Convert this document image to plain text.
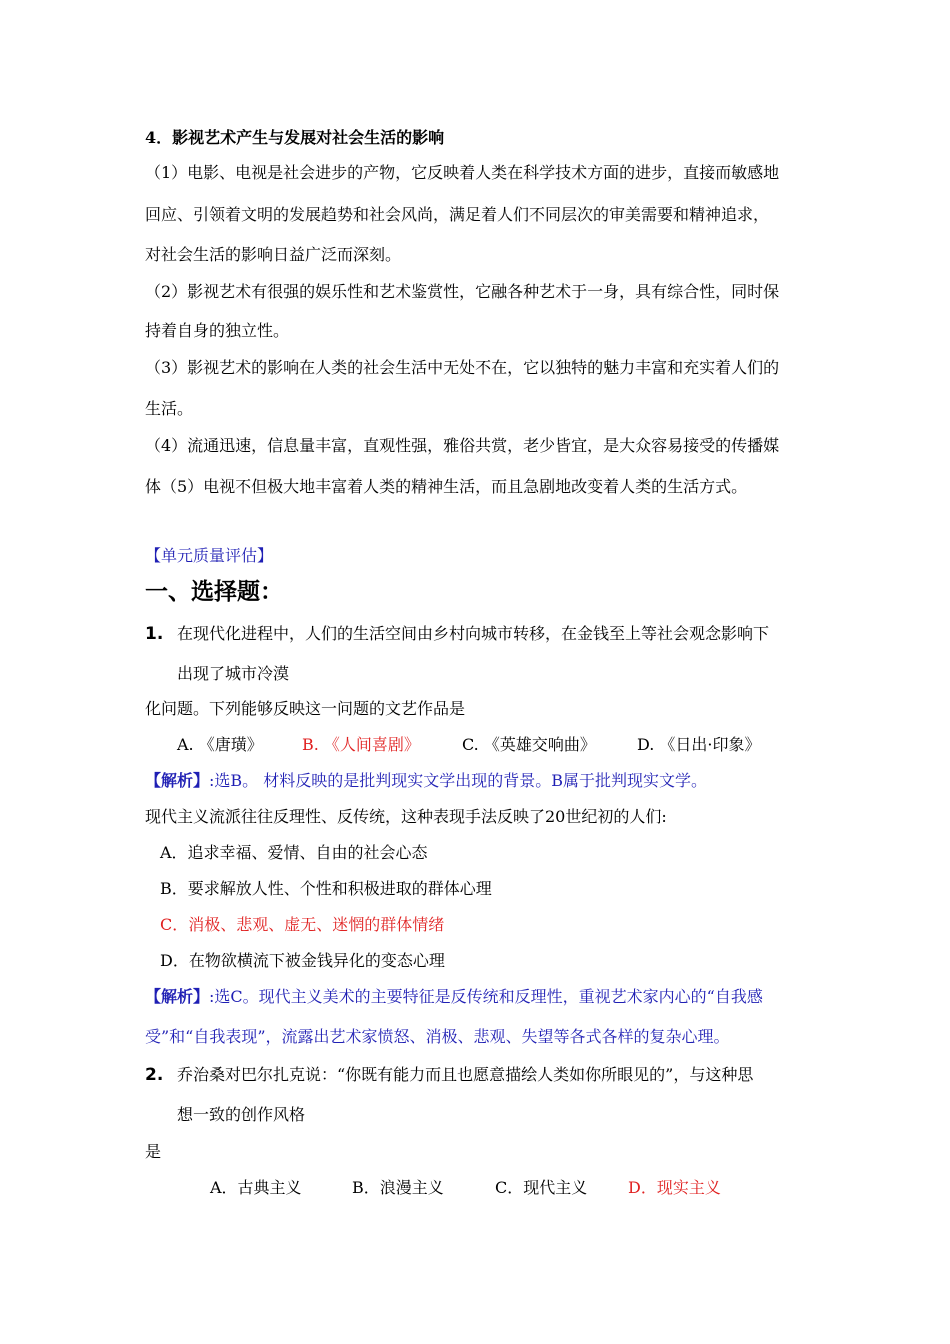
4．影视艺术产生与发展对社会生活的影响
（1）电影、电视是社会进步的产物，它反映着人类在科学技术方面的进步，直接而敏感地
回应、引领着文明的发展趋势和社会风尚，满足着人们不同层次的审美需要和精神追求，
对社会生活的影响日益广泛而深刻。
（2）影视艺术有很强的娱乐性和艺术鉴赏性，它融各种艺术于一身，具有综合性，同时保
持着自身的独立性。
（3）影视艺术的影响在人类的社会生活中无处不在，它以独特的魅力丰富和充实着人们的
生活。
（4）流通迅速，信息量丰富，直观性强，雅俗共赏，老少皆宜，是大众容易接受的传播媒
体（5）电视不但极大地丰富着人类的精神生活，而且急剧地改变着人类的生活方式。
【单元质量评估】
一、选择题：
1. 在现代化进程中，人们的生活空间由乡村向城市转移，在金钱至上等社会观念影响下
出现了城市冷漠
化问题。下列能够反映这一问题的文艺作品是
A. 《唐璜》 B. 《人间喜剧》	C. 《英雄交响曲》	D. 《日出·印象》
【解析】:选B。 材料反映的是批判现实文学出现的背景。B属于批判现实文学。
现代主义流派往往反理性、反传统，这种表现手法反映了20世纪初的人们:
A．追求幸福、爱情、自由的社会心态
B．要求解放人性、个性和积极进取的群体心理
C．消极、悲观、虚无、迷惘的群体情绪
D．在物欲横流下被金钱异化的变态心理
【解析】:选C。现代主义美术的主要特征是反传统和反理性，重视艺术家内心的“自我感
受”和“自我表现”，流露出艺术家愤怒、消极、悲观、失望等各式各样的复杂心理。
2. 乔治桑对巴尔扎克说：“你既有能力而且也愿意描绘人类如你所眼见的”，与这种思
想一致的创作风格
是
A．古典主义	B．浪漫主义	C．现代主义	D．现实主义
